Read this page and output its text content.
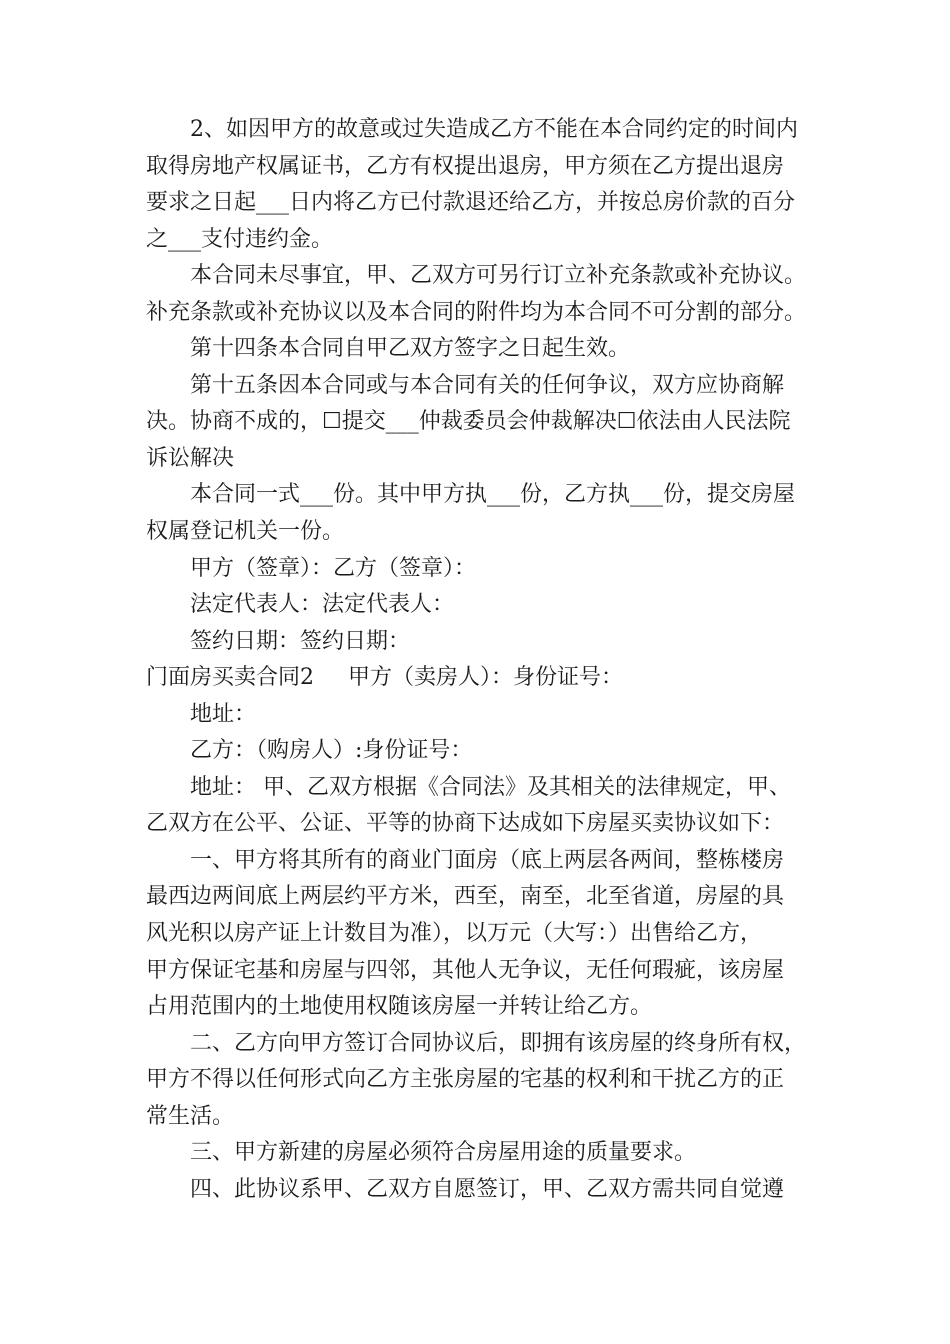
2、如因甲方的故意或过失造成乙方不能在本合同约定的时间内
取得房地产权属证书，乙方有权提出退房，甲方须在乙方提出退房
要求之日起___日内将乙方已付款退还给乙方，并按总房价款的百分
之___支付违约金。
本合同未尽事宜，甲、乙双方可另行订立补充条款或补充协议。
补充条款或补充协议以及本合同的附件均为本合同不可分割的部分。
第十四条本合同自甲乙双方签字之日起生效。
第十五条因本合同或与本合同有关的任何争议，双方应协商解
决。协商不成的，☐提交___仲裁委员会仲裁解决☐依法由人民法院
诉讼解决
本合同一式___份。其中甲方执___份，乙方执___份，提交房屋
权属登记机关一份。
甲方（签章）：乙方（签章）：
法定代表人：法定代表人：
签约日期：签约日期：
门面房买卖合同2 甲方（卖房人）：身份证号：
地址：
乙方：（购房人）:身份证号：
地址： 甲、乙双方根据《合同法》及其相关的法律规定，甲、
乙双方在公平、公证、平等的协商下达成如下房屋买卖协议如下：
一、甲方将其所有的商业门面房（底上两层各两间，整栋楼房
最西边两间底上两层约平方米，西至，南至，北至省道，房屋的具
风光积以房产证上计数目为准），以万元（大写：）出售给乙方，
甲方保证宅基和房屋与四邻，其他人无争议，无任何瑕疵，该房屋
占用范围内的土地使用权随该房屋一并转让给乙方。
二、乙方向甲方签订合同协议后，即拥有该房屋的终身所有权，
甲方不得以任何形式向乙方主张房屋的宅基的权利和干扰乙方的正
常生活。
三、甲方新建的房屋必须符合房屋用途的质量要求。
四、此协议系甲、乙双方自愿签订，甲、乙双方需共同自觉遵
